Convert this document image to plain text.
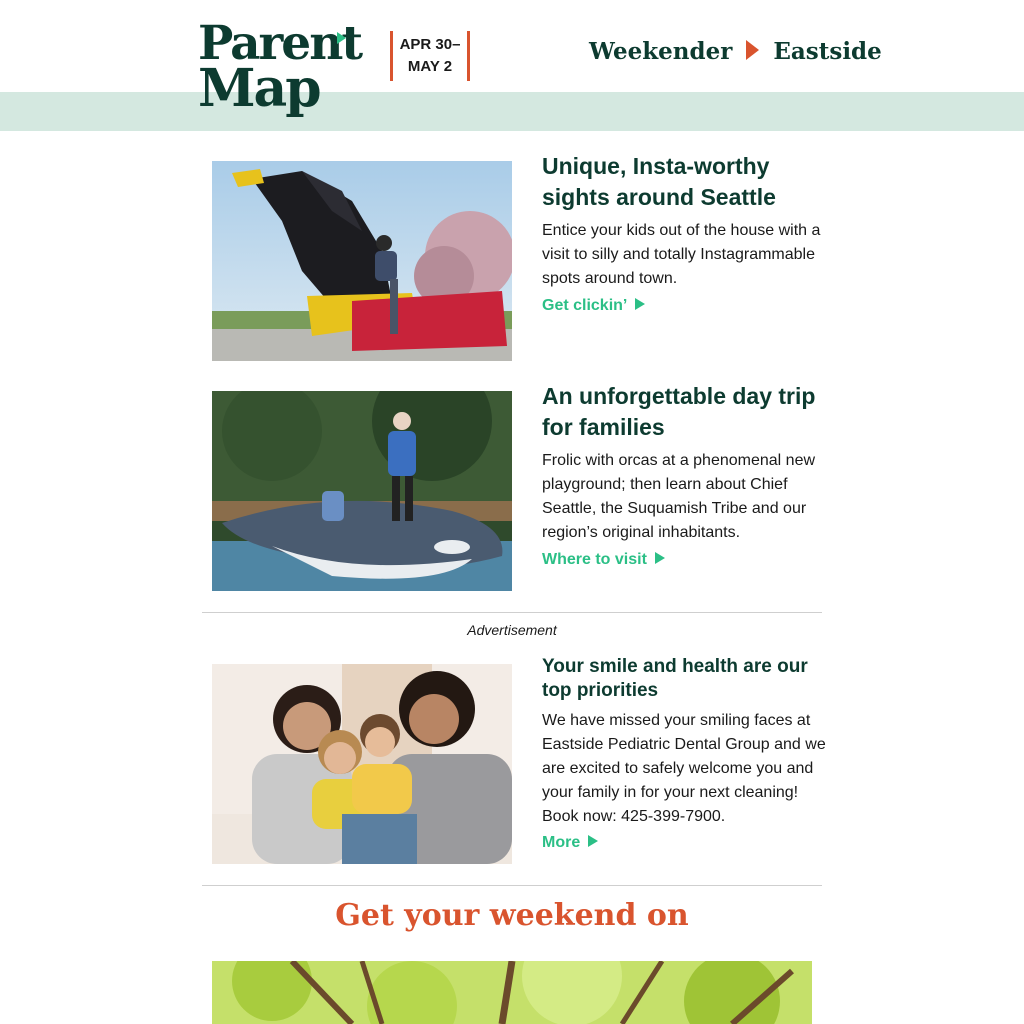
Parent
Map
APR 30–
MAY 2
Weekender Eastside
Unique, Insta-worthy sights around Seattle

Entice your kids out of the house with a visit to silly and totally Instagrammable spots around town.

Get clickin’
An unforgettable day trip for families

Frolic with orcas at a phenomenal new playground; then learn about Chief Seattle, the Suquamish Tribe and our region’s original inhabitants.

Where to visit
Advertisement
Your smile and health are our top priorities

We have missed your smiling faces at Eastside Pediatric Dental Group and we are excited to safely welcome you and your family in for your next cleaning! Book now: 425-399-7900.

More
Get your weekend on
